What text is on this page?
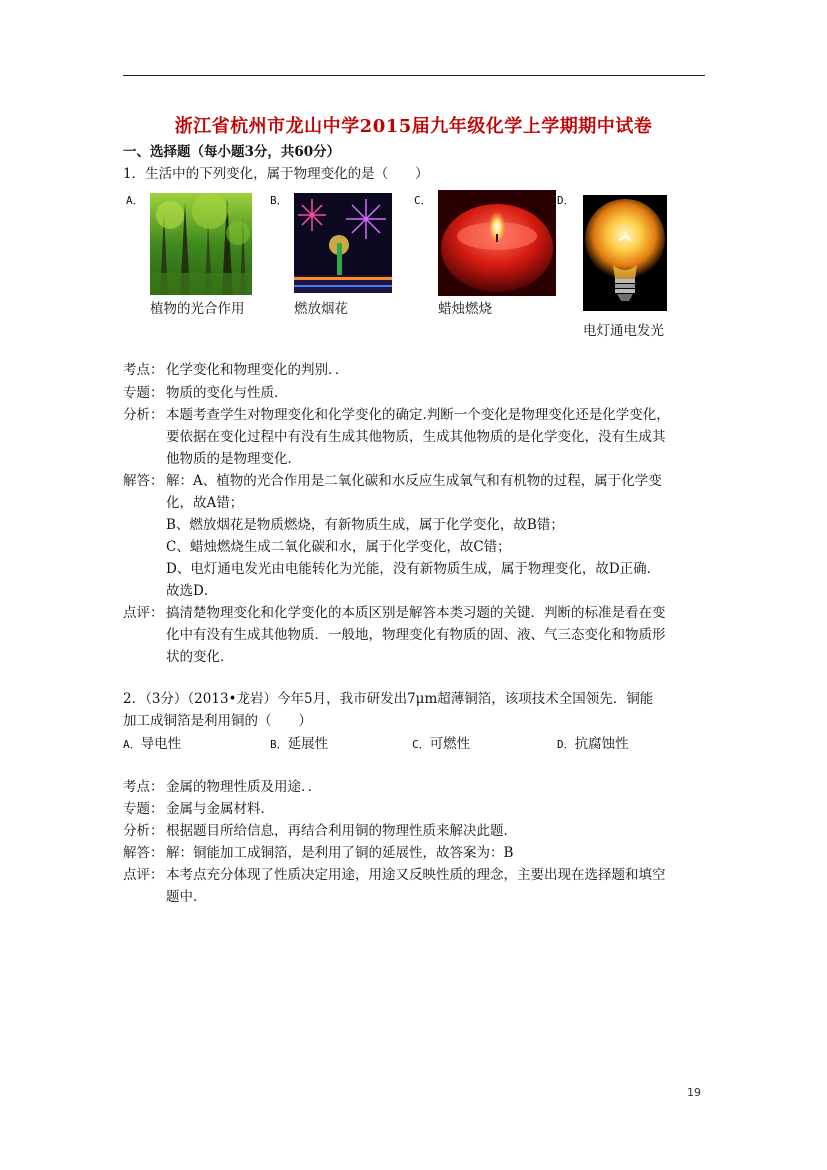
浙江省杭州市龙山中学2015届九年级化学上学期期中试卷
一、选择题（每小题3分，共60分）
1．生活中的下列变化，属于物理变化的是（　　）
A．
植物的光合作用
B．
燃放烟花
C．
蜡烛燃烧
D．
电灯通电发光
考点： 化学变化和物理变化的判别．．
专题： 物质的变化与性质．
分析： 本题考查学生对物理变化和化学变化的确定.判断一个变化是物理变化还是化学变化，
要依据在变化过程中有没有生成其他物质，生成其他物质的是化学变化，没有生成其
他物质的是物理变化．
解答： 解：A、植物的光合作用是二氧化碳和水反应生成氧气和有机物的过程，属于化学变
化，故A错；
B、燃放烟花是物质燃烧，有新物质生成，属于化学变化，故B错；
C、蜡烛燃烧生成二氧化碳和水，属于化学变化，故C错；
D、电灯通电发光由电能转化为光能，没有新物质生成，属于物理变化，故D正确．
故选D．
点评： 搞清楚物理变化和化学变化的本质区别是解答本类习题的关键．判断的标准是看在变
化中有没有生成其他物质．一般地，物理变化有物质的固、液、气三态变化和物质形
状的变化．
2．（3分）（2013•龙岩）今年5月，我市研发出7μm超薄铜箔，该项技术全国领先．铜能
加工成铜箔是利用铜的（　　）
A．导电性	B．延展性	C．可燃性	D．抗腐蚀性
考点： 金属的物理性质及用途．．
专题： 金属与金属材料．
分析： 根据题目所给信息，再结合利用铜的物理性质来解决此题．
解答： 解：铜能加工成铜箔，是利用了铜的延展性，故答案为：B
点评： 本考点充分体现了性质决定用途，用途又反映性质的理念，主要出现在选择题和填空
题中．
19
